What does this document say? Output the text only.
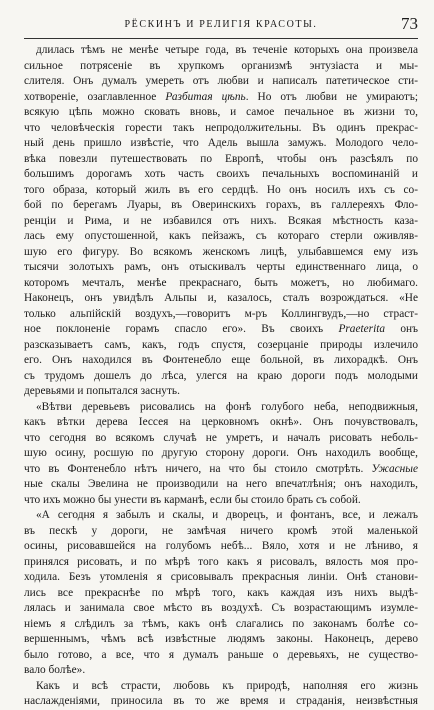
РЁСКИНЪ И РЕЛИГІЯ КРАСОТЫ.	73
длилась тѣмъ не менѣе четыре года, въ теченіе которыхъ она произвела
сильное потрясеніе въ хрупкомъ организмѣ энтузіаста и мы-
слителя. Онъ думалъ умереть отъ любви и написалъ патетическое сти-
хотвореніе, озаглавленное Разбитая цѣпь. Но отъ любви не умираютъ;
всякую цѣпь можно сковать вновь, и самое печальное въ жизни то,
что человѣческія горести такъ непродолжительны. Въ одинъ прекрас-
ный день пришло извѣстіе, что Адель вышла замужъ. Молодого чело-
вѣка повезли путешествовать по Европѣ, чтобы онъ разсѣялъ по
большимъ дорогамъ хоть часть своихъ печальныхъ воспоминаній и
того образа, который жилъ въ его сердцѣ. Но онъ носилъ ихъ съ со-
бой по берегамъ Луары, въ Оверинскихъ горахъ, въ галлереяхъ Фло-
ренціи и Рима, и не избавился отъ нихъ. Всякая мѣстность каза-
лась ему опустошенной, какъ пейзажъ, съ котораго стерли оживляв-
шую его фигуру. Во всякомъ женскомъ лицѣ, улыбавшемся ему изъ
тысячи золотыхъ рамъ, онъ отыскивалъ черты единственнаго лица, о
которомъ мечталъ, менѣе прекраснаго, быть можетъ, но любимаго.
Наконецъ, онъ увидѣлъ Альпы и, казалось, сталъ возрождаться. «Не
только альпійскій воздухъ,—говоритъ м-ръ Коллингвудъ,—но страст-
ное поклоненіе горамъ спасло его». Въ своихъ Praeterita онъ
разсказываетъ самъ, какъ, годъ спустя, созерцаніе природы излечило
его. Онъ находился въ Фонтенебло еще больной, въ лихорадкѣ. Онъ
съ трудомъ дошелъ до лѣса, улегся на краю дороги подъ молодыми
деревьями и попытался заснуть.
«Вѣтви деревьевъ рисовались на фонѣ голубого неба, неподвижныя,
какъ вѣтки дерева Іессея на церковномъ окнѣ». Онъ почувствовалъ,
что сегодня во всякомъ случаѣ не умретъ, и началъ рисовать неболь-
шую осину, росшую по другую сторону дороги. Онъ находилъ вообще,
что въ Фонтенебло нѣтъ ничего, на что бы стоило смотрѣть. Ужасные
ные скалы Эвелина не производили на него впечатлѣнія; онъ находилъ,
что ихъ можно бы унести въ карманѣ, если бы стоило брать съ собой.
«А сегодня я забылъ и скалы, и дворецъ, и фонтанъ, все, и лежалъ
въ пескѣ у дороги, не замѣчая ничего кромѣ этой маленькой
осины, рисовавшейся на голубомъ небѣ... Вяло, хотя и не лѣниво, я
принялся рисовать, и по мѣрѣ того какъ я рисовалъ, вялость моя про-
ходила. Безъ утомленія я срисовывалъ прекрасныя линіи. Онѣ станови-
лись все прекраснѣе по мѣрѣ того, какъ каждая изъ нихъ выдѣ-
лялась и занимала свое мѣсто въ воздухѣ. Съ возрастающимъ изумле-
ніемъ я слѣдилъ за тѣмъ, какъ онѣ слагались по законамъ болѣе со-
вершеннымъ, чѣмъ всѣ извѣстные людямъ законы. Наконецъ, дерево
было готово, а все, что я думалъ раньше о деревьяхъ, не существо-
вало болѣе».
Какъ и всѣ страсти, любовь къ природѣ, наполняя его жизнь
наслажденіями, приносила въ то же время и страданія, неизвѣстныя
